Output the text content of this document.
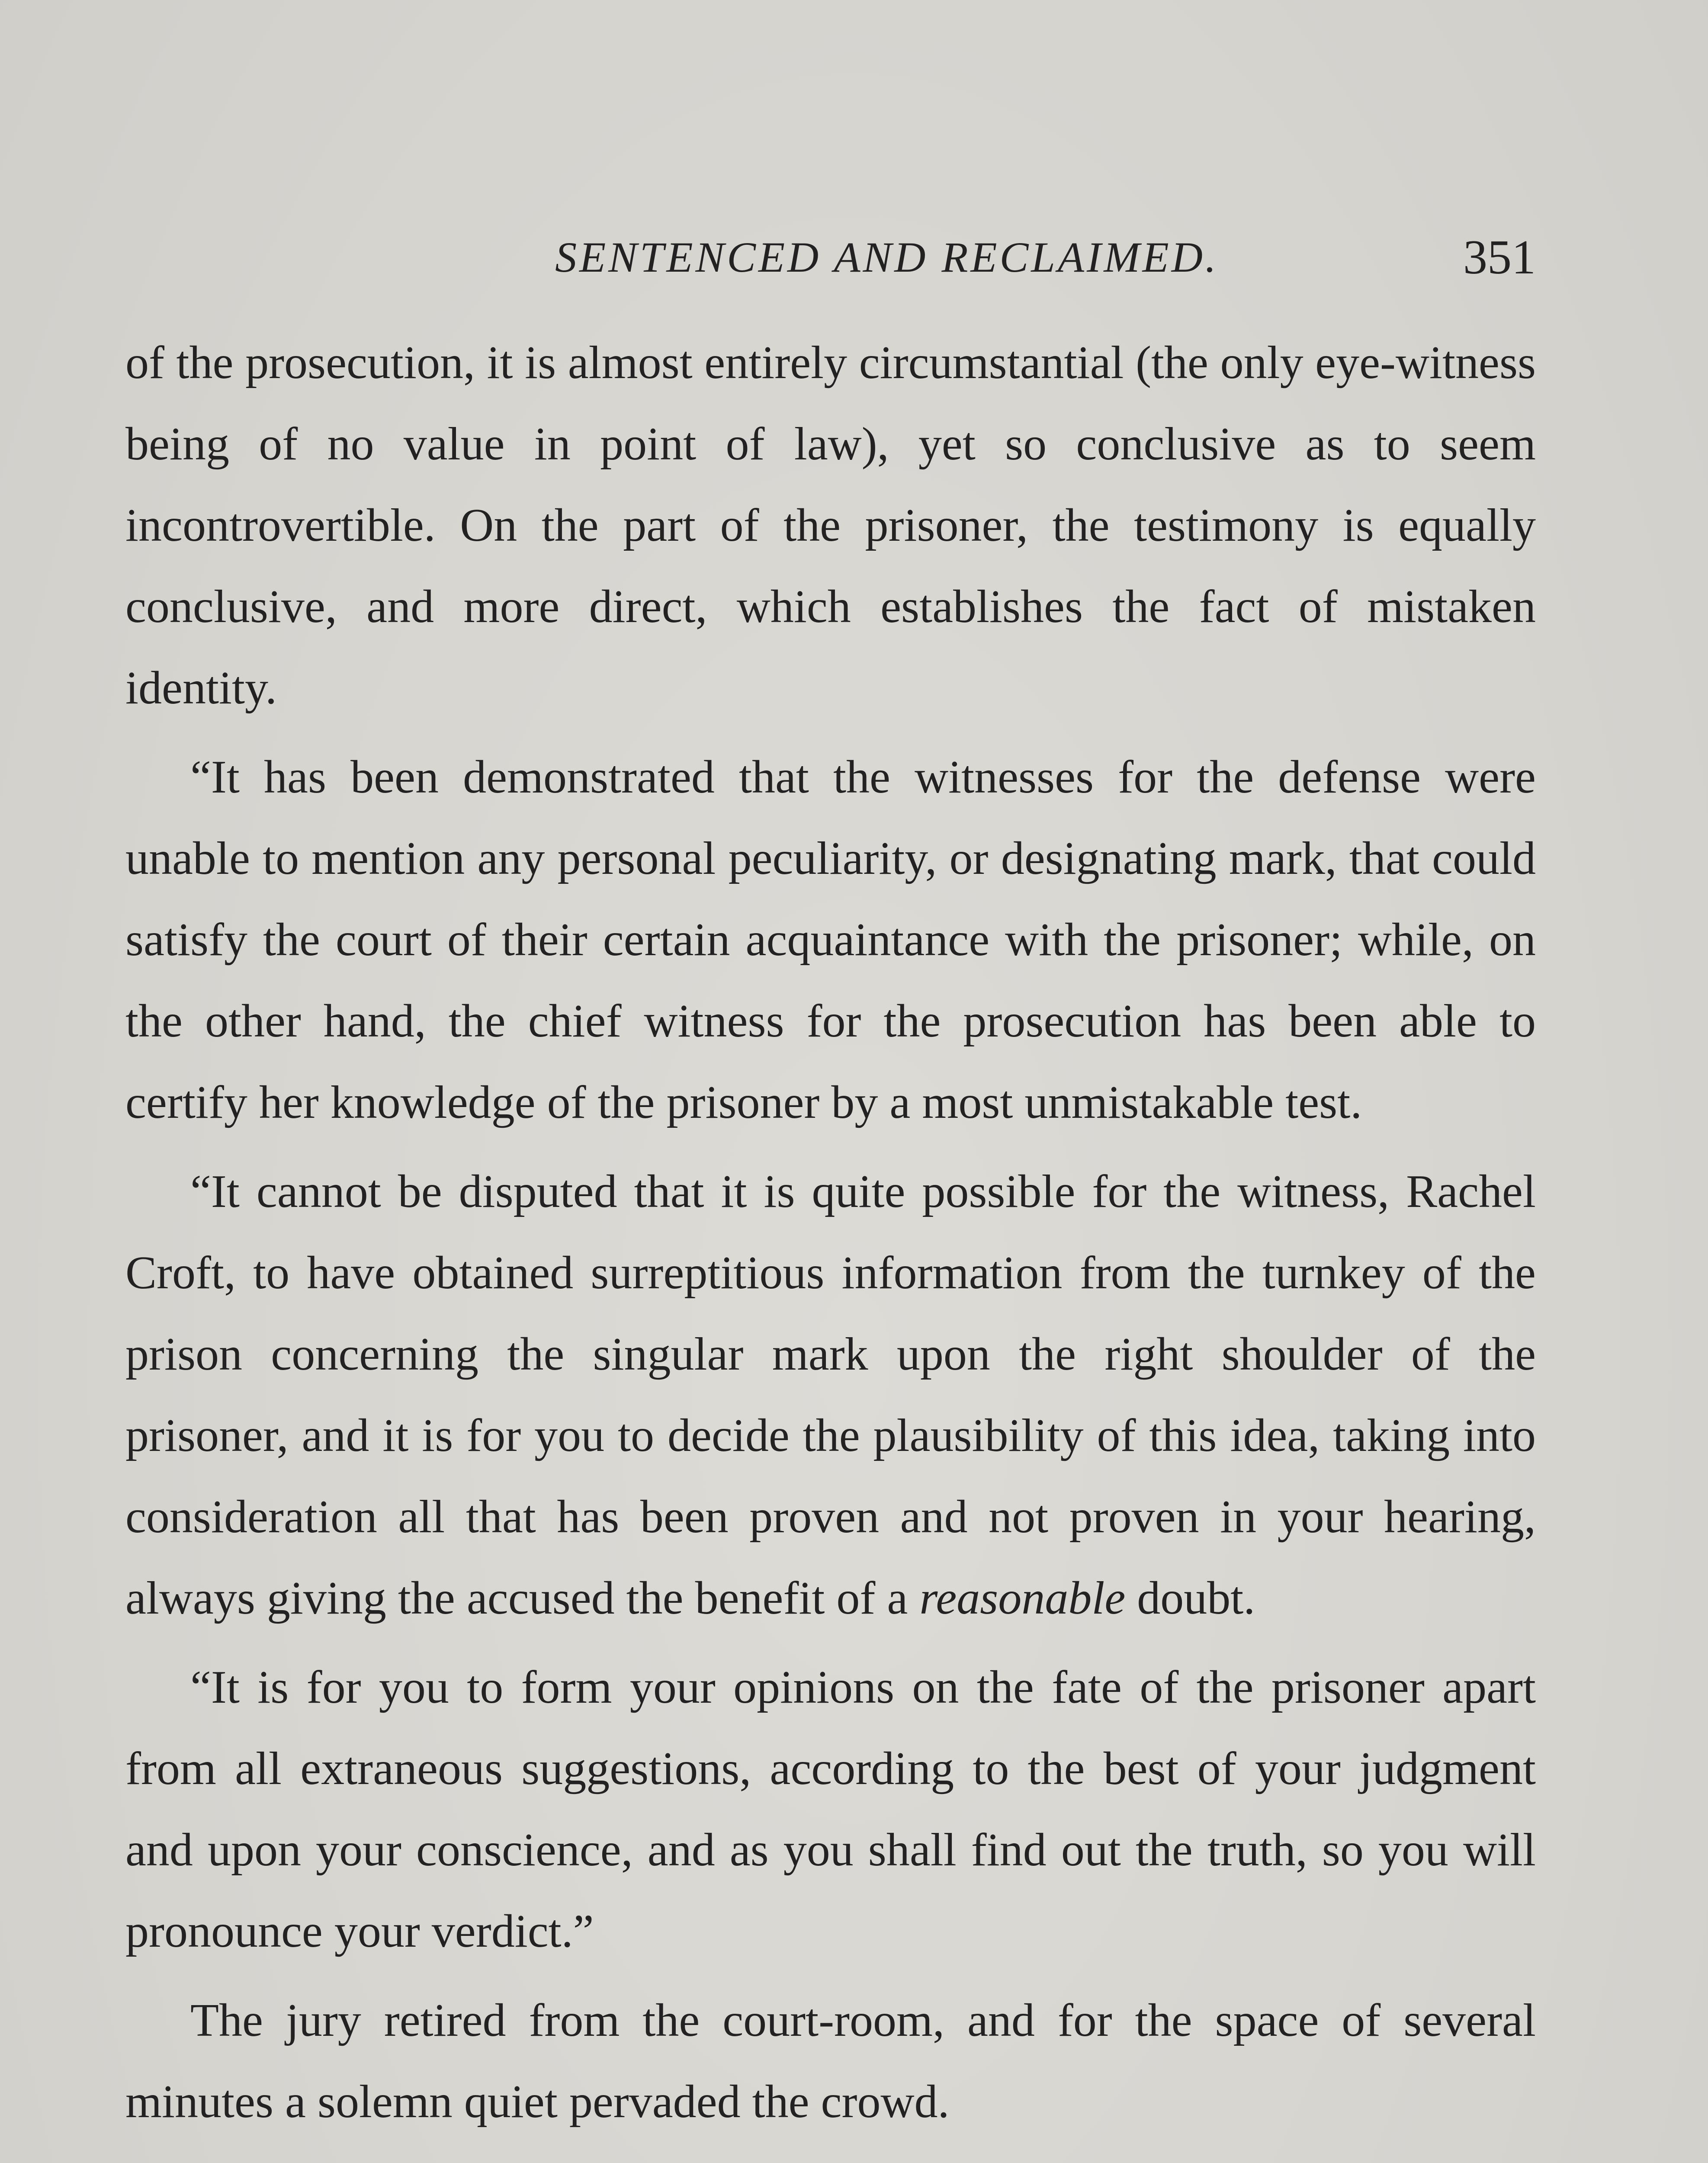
SENTENCED AND RECLAIMED.	351

of the prosecution, it is almost entirely circumstantial (the only eye-witness being of no value in point of law), yet so conclusive as to seem incontrovertible. On the part of the prisoner, the testimony is equally conclusive, and more direct, which establishes the fact of mistaken identity.

“It has been demonstrated that the witnesses for the defense were unable to mention any personal peculiarity, or designating mark, that could satisfy the court of their certain acquaintance with the prisoner; while, on the other hand, the chief witness for the prosecution has been able to certify her knowledge of the prisoner by a most unmistakable test.

“It cannot be disputed that it is quite possible for the witness, Rachel Croft, to have obtained surreptitious information from the turnkey of the prison concerning the singular mark upon the right shoulder of the prisoner, and it is for you to decide the plausibility of this idea, taking into consideration all that has been proven and not proven in your hearing, always giving the accused the benefit of a reasonable doubt.

“It is for you to form your opinions on the fate of the prisoner apart from all extraneous suggestions, according to the best of your judgment and upon your conscience, and as you shall find out the truth, so you will pronounce your verdict.”

The jury retired from the court-room, and for the space of several minutes a solemn quiet pervaded the crowd.
